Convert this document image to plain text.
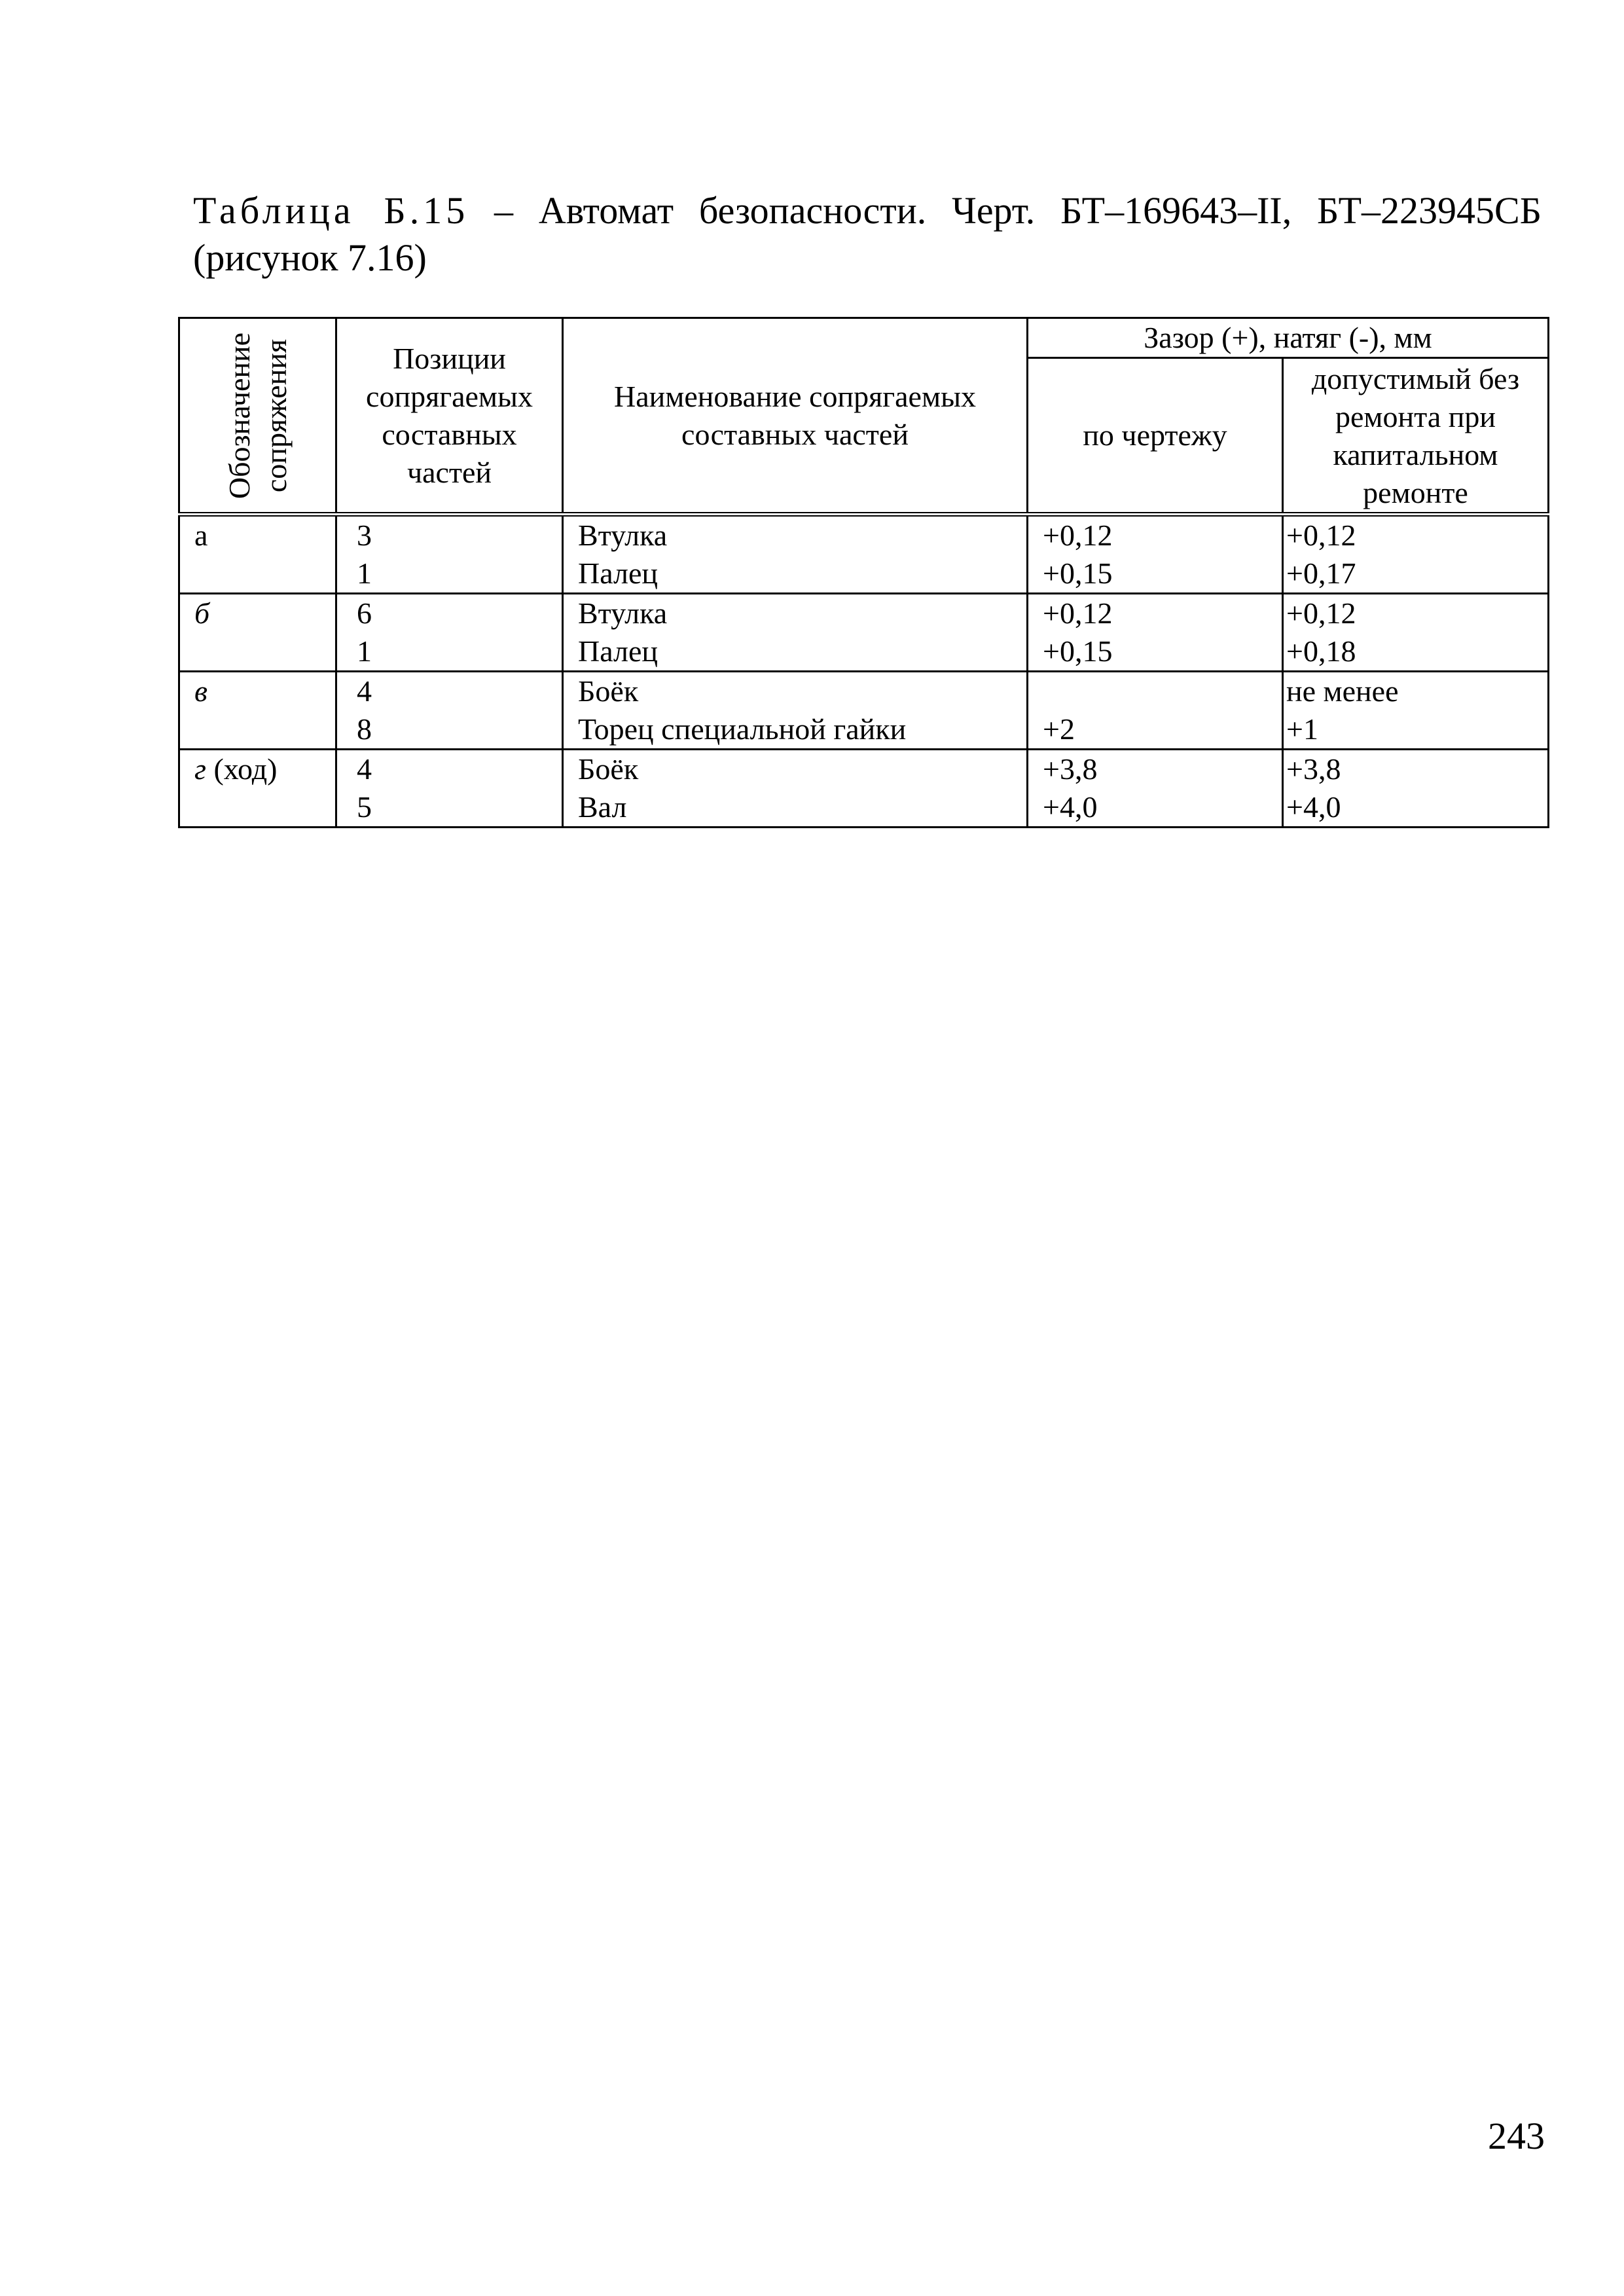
Таблица Б.15 – Автомат безопасности. Черт. БТ–169643–II, БТ–223945СБ (рисунок 7.16)
Обозначение сопряжения	Позиции сопрягаемых составных частей	Наименование сопрягаемых составных частей	Зазор (+), натяг (-), мм	
			по чертежу	допустимый без ремонта при капитальном ремонте
а	3	Втулка	+0,12	+0,12
	1	Палец	+0,15	+0,17
б	6	Втулка	+0,12	+0,12
	1	Палец	+0,15	+0,18
в	4	Боёк		не менее
	8	Торец специальной гайки	+2	+1
г (ход)	4	Боёк	+3,8	+3,8
	5	Вал	+4,0	+4,0
243
